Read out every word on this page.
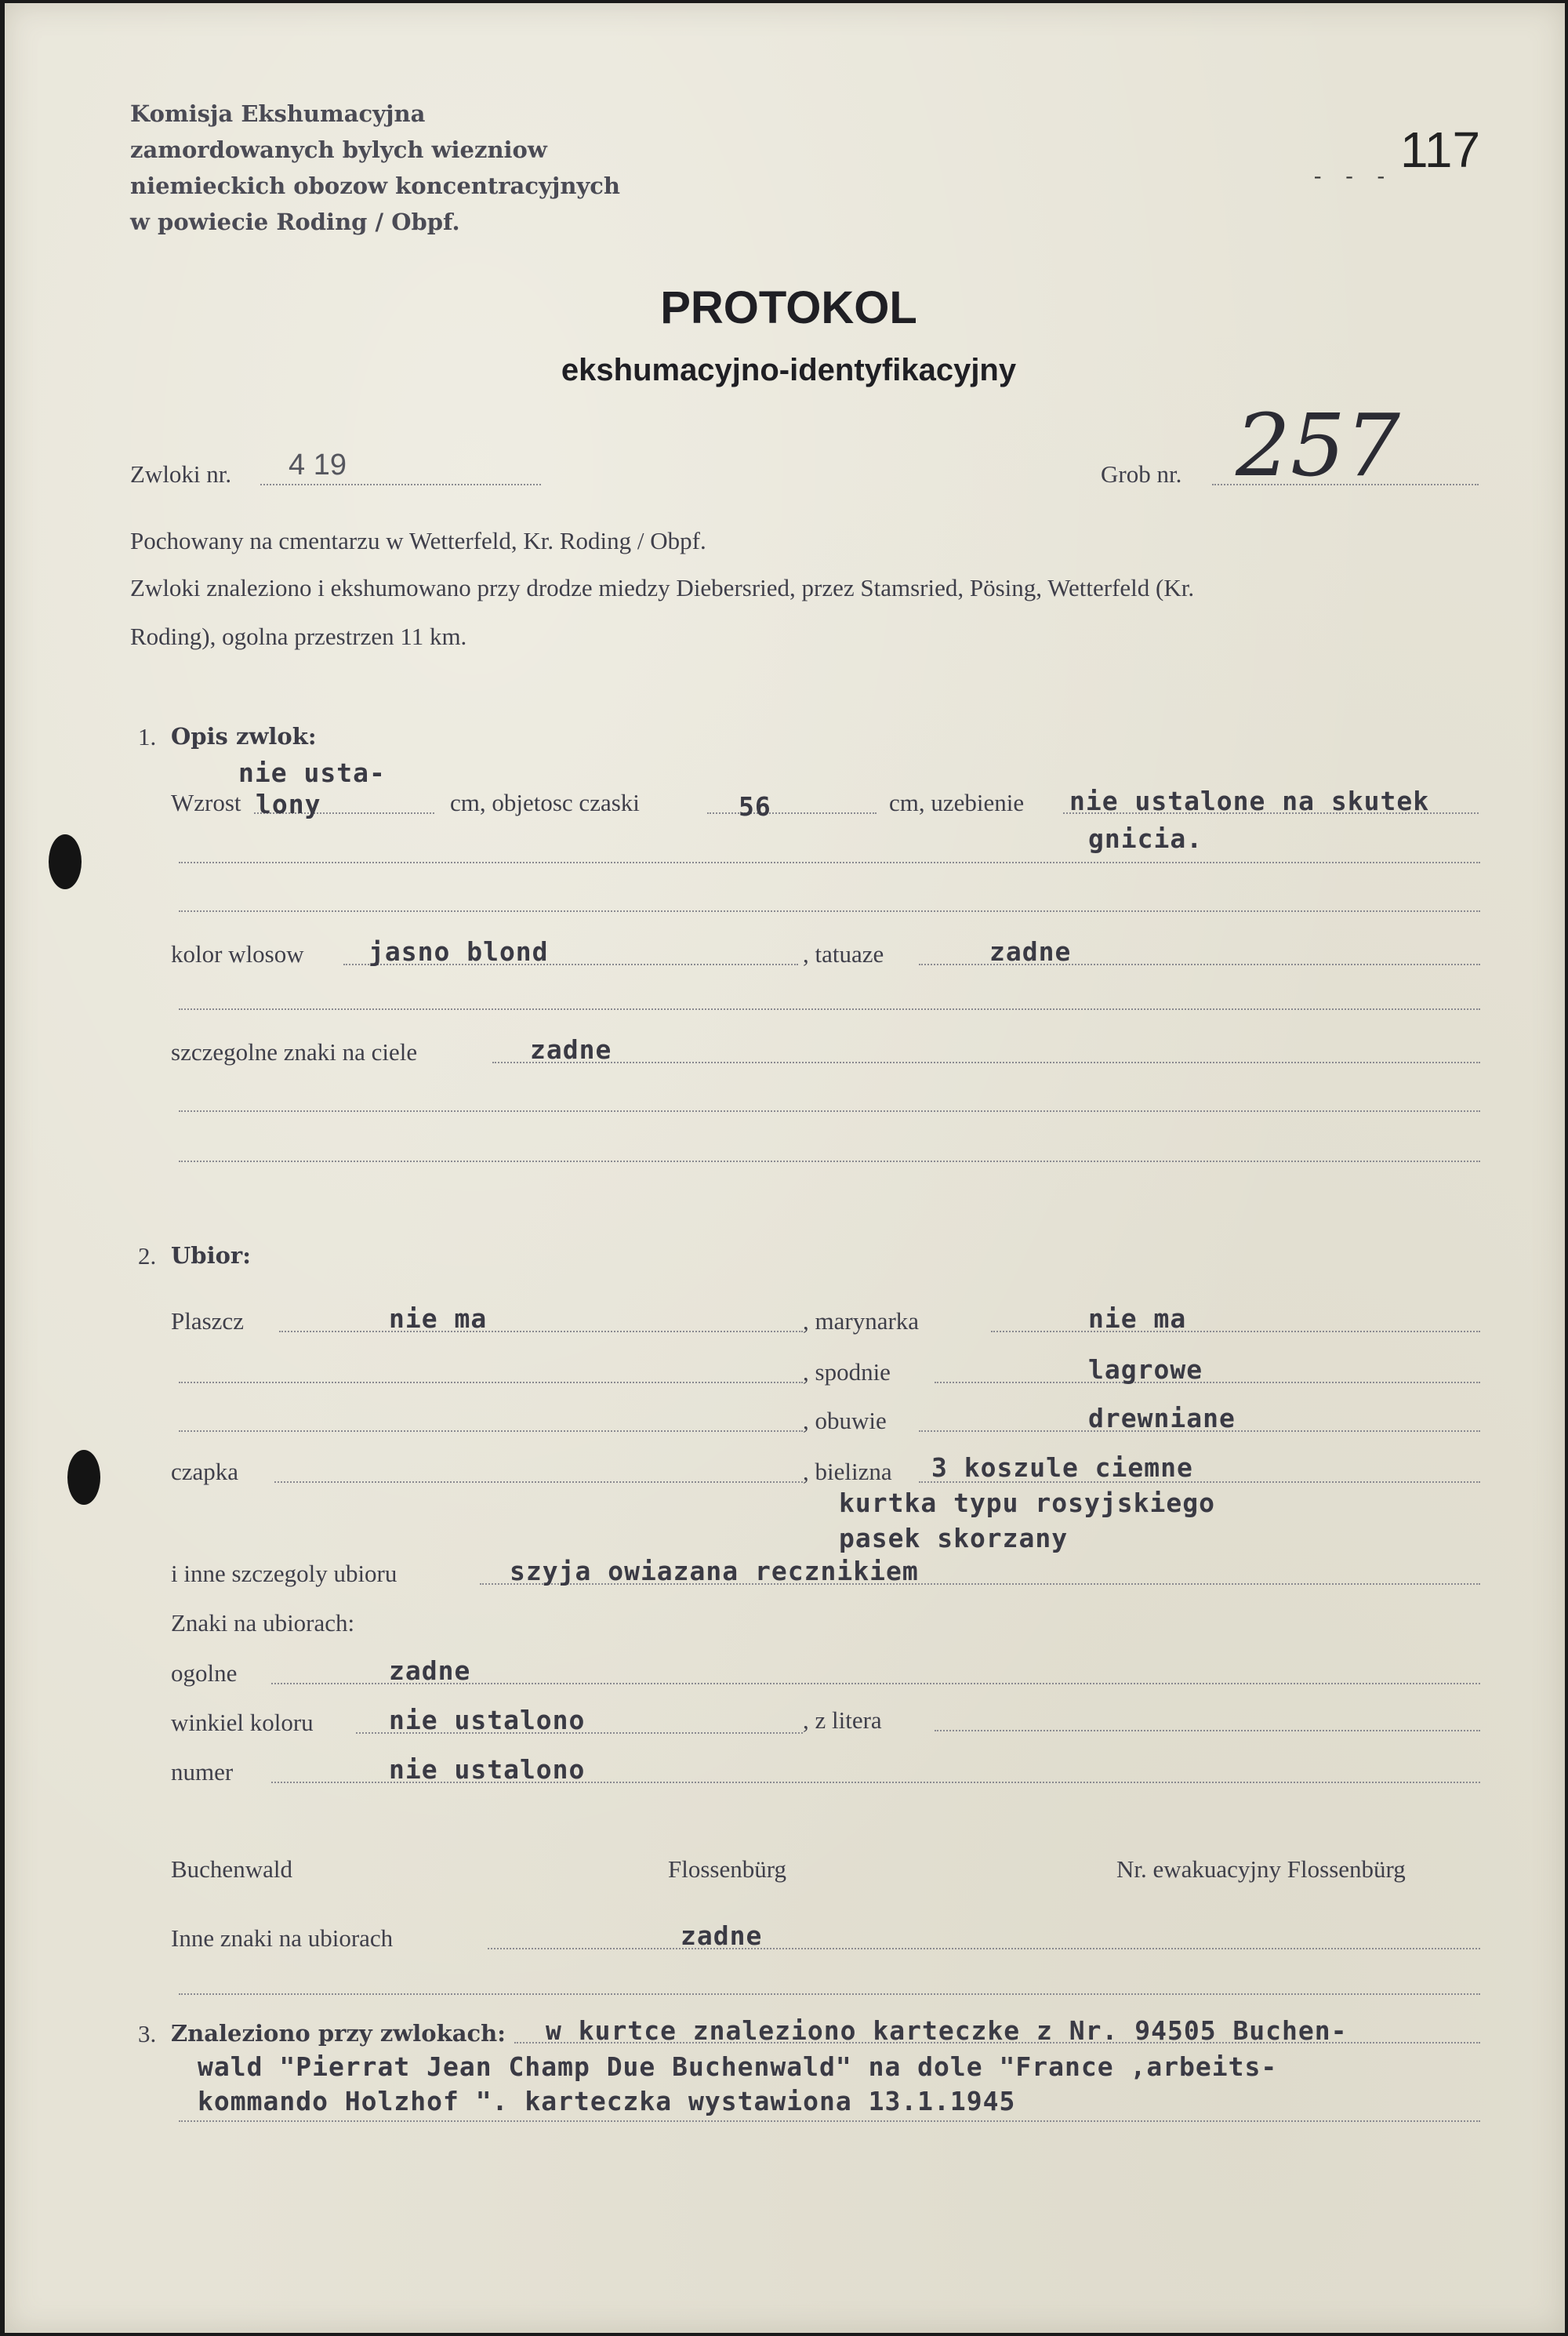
Komisja Ekshumacyjna
zamordowanych bylych wiezniow
niemieckich obozow koncentracyjnych
w powiecie Roding / Obpf.
117
- - -
PROTOKOL
ekshumacyjno-identyfikacyjny
Zwloki nr. 4 19	Grob nr. 257
Pochowany na cmentarzu w Wetterfeld, Kr. Roding / Obpf.
Zwloki znaleziono i ekshumowano przy drodze miedzy Diebersried, przez Stamsried, Pösing, Wetterfeld (Kr.
Roding), ogolna przestrzen 11 km.
1. Opis zwlok:
nie usta-
Wzrost lony	cm, objetosc czaski	56	cm, uzebienie nie ustalone na skutek
gnicia.
kolor wlosow jasno blond	, tatuaze	zadne
szczegolne znaki na ciele	zadne
2. Ubior:
Plaszcz	nie ma	, marynarka	nie ma
, spodnie	lagrowe
, obuwie	drewniane
czapka	, bielizna 3 koszule ciemne
kurtka typu rosyjskiego
pasek skorzany
i inne szczegoly ubioru	szyja owiazana recznikiem
Znaki na ubiorach:
ogolne	zadne
winkiel koloru	nie ustalono	, z litera
numer	nie ustalono
Buchenwald	Flossenbürg	Nr. ewakuacyjny Flossenbürg
Inne znaki na ubiorach	zadne
3. Znaleziono przy zwlokach: w kurtce znaleziono karteczke z Nr. 94505 Buchen-
wald "Pierrat Jean Champ Due Buchenwald" na dole "France ,arbeits-
kommando Holzhof ". karteczka wystawiona 13.1.1945
